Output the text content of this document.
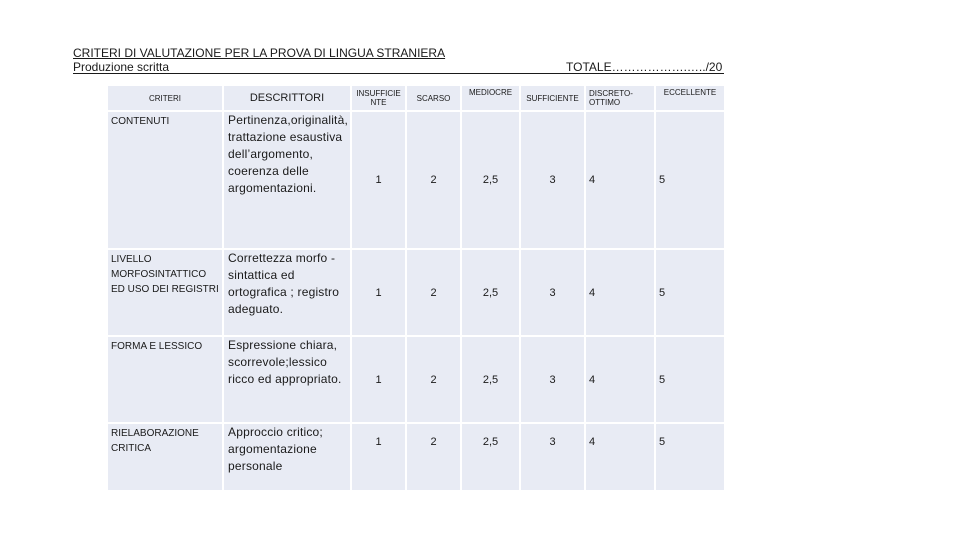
CRITERI DI VALUTAZIONE PER LA PROVA DI LINGUA STRANIERA
Produzione scritta	TOTALE……………….…../20
CRITERI	DESCRITTORI	INSUFFICIE NTE	SCARSO	MEDIOCRE	SUFFICIENTE	DISCRETO-OTTIMO	ECCELLENTE
CONTENUTI	Pertinenza,originalità, trattazione esaustiva dell’argomento, coerenza delle argomentazioni.	1	2	2,5	3	4	5
LIVELLO MORFOSINTATTICO ED USO DEI REGISTRI	Correttezza morfo -sintattica ed ortografica ; registro adeguato.	1	2	2,5	3	4	5
FORMA E LESSICO	Espressione chiara, scorrevole;lessico ricco ed appropriato.	1	2	2,5	3	4	5
RIELABORAZIONE CRITICA	Approccio critico; argomentazione personale	1	2	2,5	3	4	5
